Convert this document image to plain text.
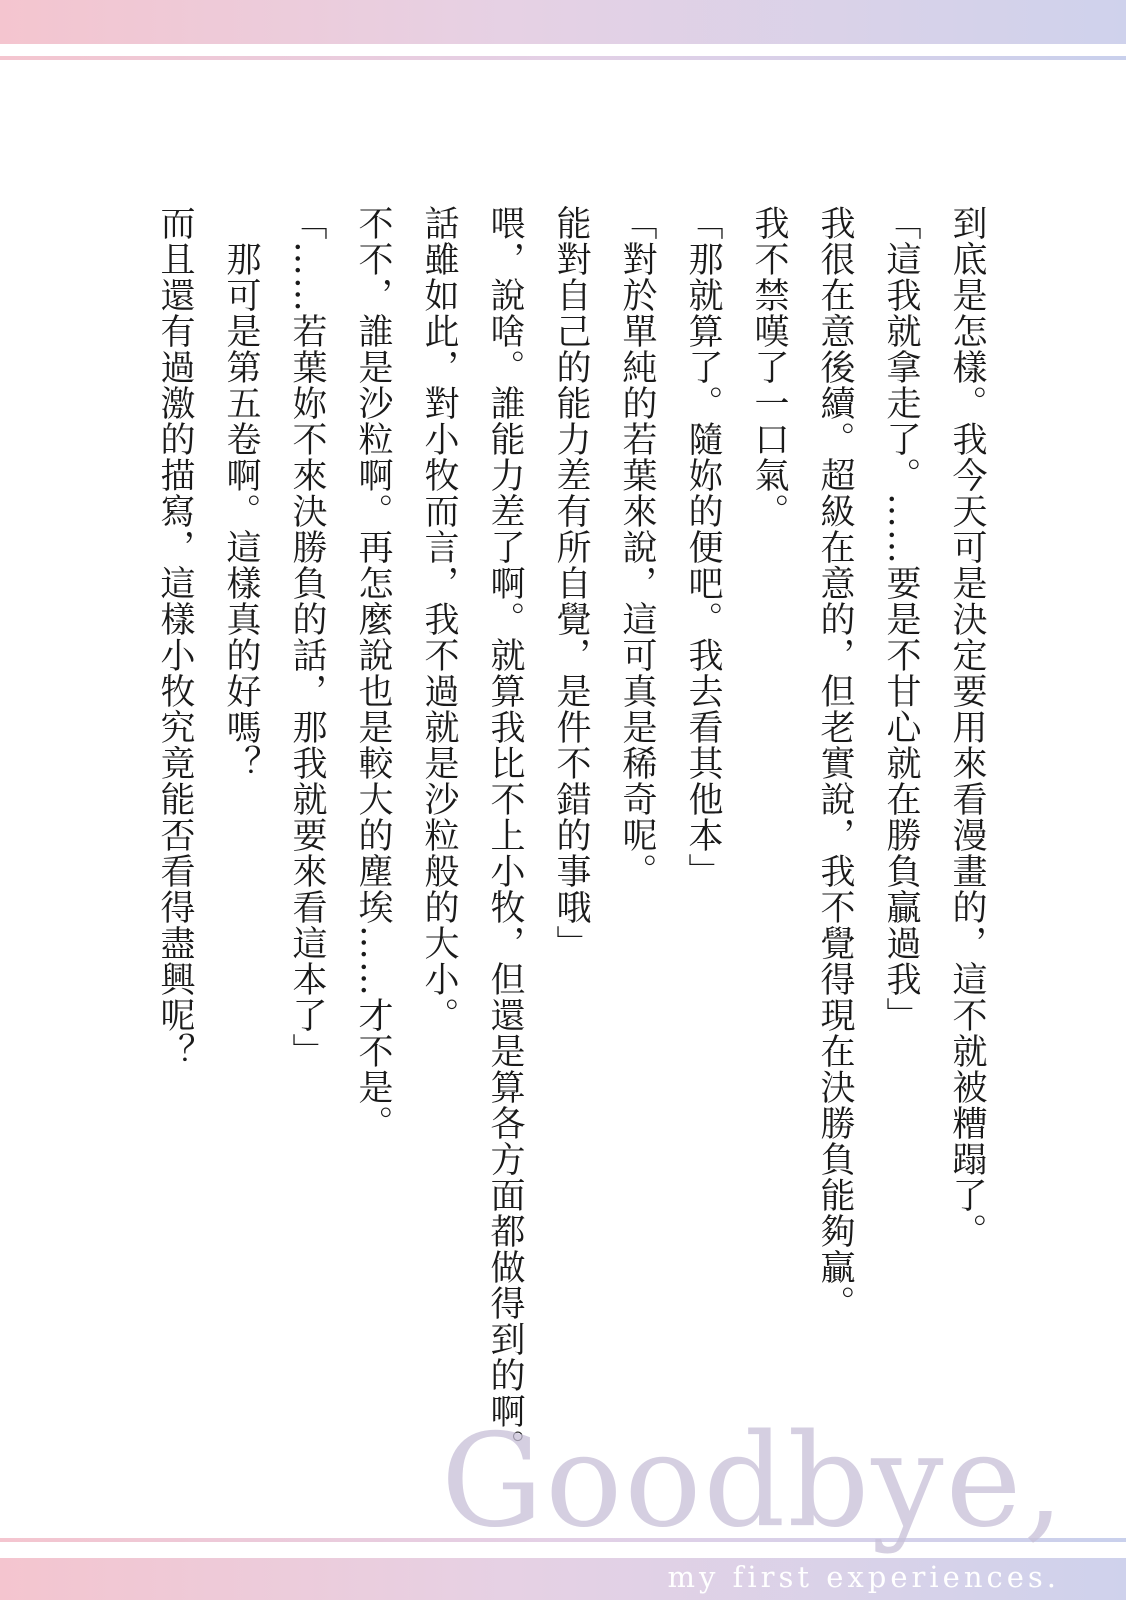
到底是怎樣。我今天可是決定要用來看漫畫的，這不就被糟蹋了。
「這我就拿走了。……要是不甘心就在勝負贏過我」
我很在意後續。超級在意的，但老實說，我不覺得現在決勝負能夠贏。
我不禁嘆了一口氣。
「那就算了。隨妳的便吧。我去看其他本」
「對於單純的若葉來說，這可真是稀奇呢。
能對自己的能力差有所自覺，是件不錯的事哦」
喂，說啥。誰能力差了啊。就算我比不上小牧，但還是算各方面都做得到的啊。
話雖如此，對小牧而言，我不過就是沙粒般的大小。
不不，誰是沙粒啊。再怎麼說也是較大的塵埃……才不是。
「……若葉妳不來決勝負的話，那我就要來看這本了」
　那可是第五卷啊。這樣真的好嗎？
而且還有過激的描寫，這樣小牧究竟能否看得盡興呢？
Goodbye,
my first experiences.
